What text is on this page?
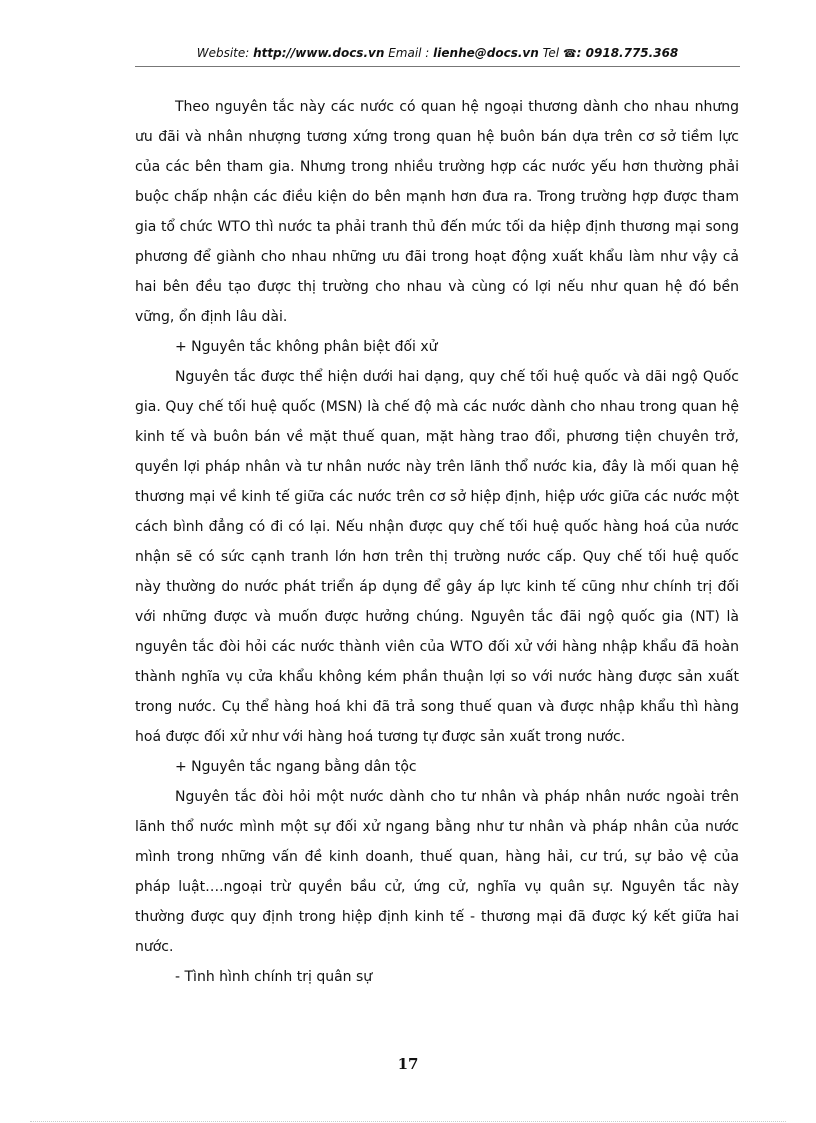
Website: http://www.docs.vn Email : lienhe@docs.vn Tel ☎: 0918.775.368

Theo nguyên tắc này các nước có quan hệ ngoại thương dành cho nhau nhưng ưu đãi và nhân nhượng tương xứng trong quan hệ buôn bán dựa trên cơ sở tiềm lực của các bên tham gia. Nhưng trong nhiều trường hợp các nước yếu hơn thường phải buộc chấp nhận các điều kiện do bên mạnh hơn đưa ra. Trong trường hợp được tham gia tổ chức WTO thì nước ta phải tranh thủ đến mức tối da hiệp định thương mại song phương để giành cho nhau những ưu đãi trong hoạt động xuất khẩu làm như vậy cả hai bên đều tạo được thị trường cho nhau và cùng có lợi nếu như quan hệ đó bền vững, ổn định lâu dài.

+ Nguyên tắc không phân biệt đối xử

Nguyên tắc được thể hiện dưới hai dạng, quy chế tối huệ quốc và dãi ngộ Quốc gia. Quy chế tối huệ quốc (MSN) là chế độ mà các nước dành cho nhau trong quan hệ kinh tế và buôn bán về mặt thuế quan, mặt hàng trao đổi, phương tiện chuyên trở, quyền lợi pháp nhân và tư nhân nước này trên lãnh thổ nước kia, đây là mối quan hệ thương mại về kinh tế giữa các nước trên cơ sở hiệp định, hiệp ước giữa các nước một cách bình đẳng có đi có lại. Nếu nhận được quy chế tối huệ quốc hàng hoá của nước nhận sẽ có sức cạnh tranh lớn hơn trên thị trường nước cấp. Quy chế tối huệ quốc này thường do nước phát triển áp dụng để gây áp lực kinh tế cũng như chính trị đối với những được và muốn được hưởng chúng. Nguyên tắc đãi ngộ quốc gia (NT) là nguyên tắc đòi hỏi các nước thành viên của WTO đối xử với hàng nhập khẩu đã hoàn thành nghĩa vụ cửa khẩu không kém phần thuận lợi so với nước hàng được sản xuất trong nước. Cụ thể hàng hoá khi đã trả song thuế quan và được nhập khẩu thì hàng hoá được đối xử như với hàng hoá tương tự được sản xuất trong nước.

+ Nguyên tắc ngang bằng dân tộc

Nguyên tắc đòi hỏi một nước dành cho tư nhân và pháp nhân nước ngoài trên lãnh thổ nước mình một sự đối xử ngang bằng như tư nhân và pháp nhân của nước mình trong những vấn đề kinh doanh, thuế quan, hàng hải, cư trú, sự bảo vệ của pháp luật….ngoại trừ quyền bầu cử, ứng cử, nghĩa vụ quân sự. Nguyên tắc này thường được quy định trong hiệp định kinh tế - thương mại đã được ký kết giữa hai nước.

- Tình hình chính trị quân sự

17
